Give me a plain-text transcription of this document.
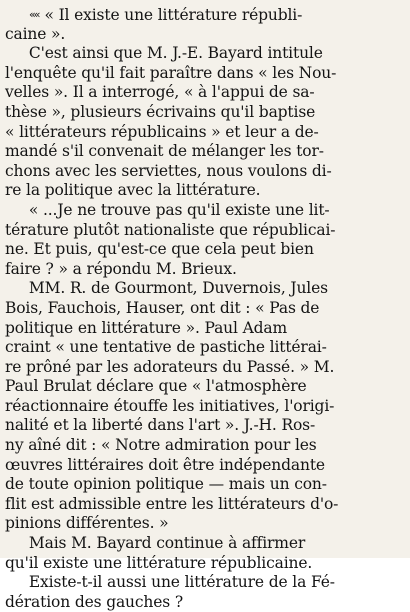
«« « Il existe une littérature républi-
caine ».
C'est ainsi que M. J.-E. Bayard intitule
l'enquête qu'il fait paraître dans « les Nou-
velles ». Il a interrogé, « à l'appui de sa-
thèse », plusieurs écrivains qu'il baptise
« littérateurs républicains » et leur a de-
mandé s'il convenait de mélanger les tor-
chons avec les serviettes, nous voulons di-
re la politique avec la littérature.
« ...Je ne trouve pas qu'il existe une lit-
térature plutôt nationaliste que républicai-
ne. Et puis, qu'est-ce que cela peut bien
faire ? » a répondu M. Brieux.
MM. R. de Gourmont, Duvernois, Jules
Bois, Fauchois, Hauser, ont dit : « Pas de
politique en littérature ». Paul Adam
craint « une tentative de pastiche littérai-
re prôné par les adorateurs du Passé. » M.
Paul Brulat déclare que « l'atmosphère
réactionnaire étouffe les initiatives, l'origi-
nalité et la liberté dans l'art ». J.-H. Ros-
ny aîné dit : « Notre admiration pour les
œuvres littéraires doit être indépendante
de toute opinion politique — mais un con-
flit est admissible entre les littérateurs d'o-
pinions différentes. »
Mais M. Bayard continue à affirmer
qu'il existe une littérature républicaine.
Existe-t-il aussi une littérature de la Fé-
dération des gauches ?
